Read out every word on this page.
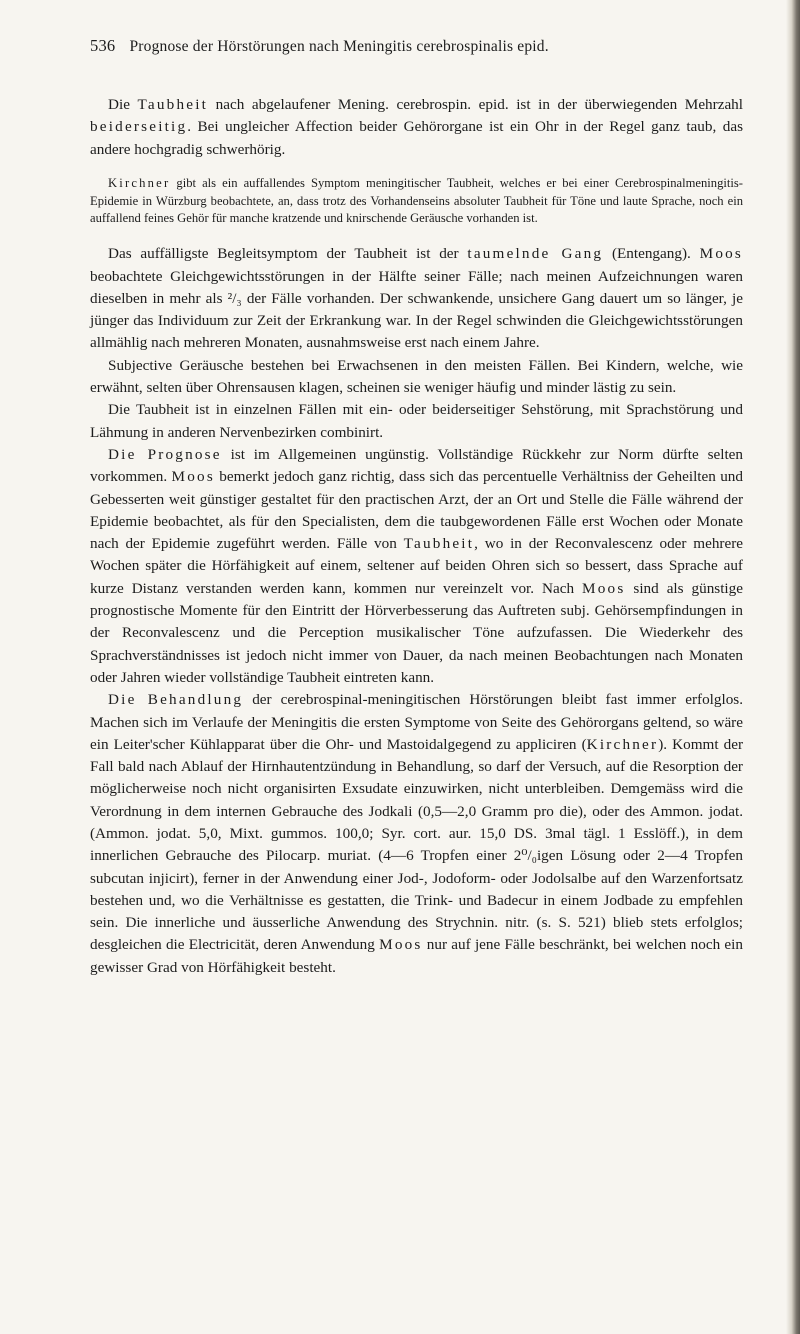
536 Prognose der Hörstörungen nach Meningitis cerebrospinalis epid.

Die Taubheit nach abgelaufener Mening. cerebrospin. epid. ist in der überwiegenden Mehrzahl beiderseitig. Bei ungleicher Affection beider Gehörorgane ist ein Ohr in der Regel ganz taub, das andere hochgradig schwerhörig.

Kirchner gibt als ein auffallendes Symptom meningitischer Taubheit, welches er bei einer Cerebrospinalmeningitis-Epidemie in Würzburg beobachtete, an, dass trotz des Vorhandenseins absoluter Taubheit für Töne und laute Sprache, noch ein auffallend feines Gehör für manche kratzende und knirschende Geräusche vorhanden ist.

Das auffälligste Begleitsymptom der Taubheit ist der taumelnde Gang (Entengang). Moos beobachtete Gleichgewichtsstörungen in der Hälfte seiner Fälle; nach meinen Aufzeichnungen waren dieselben in mehr als ²/₃ der Fälle vorhanden. Der schwankende, unsichere Gang dauert um so länger, je jünger das Individuum zur Zeit der Erkrankung war. In der Regel schwinden die Gleichgewichtsstörungen allmählig nach mehreren Monaten, ausnahmsweise erst nach einem Jahre.

Subjective Geräusche bestehen bei Erwachsenen in den meisten Fällen. Bei Kindern, welche, wie erwähnt, selten über Ohrensausen klagen, scheinen sie weniger häufig und minder lästig zu sein.

Die Taubheit ist in einzelnen Fällen mit ein- oder beiderseitiger Sehstörung, mit Sprachstörung und Lähmung in anderen Nervenbezirken combinirt.

Die Prognose ist im Allgemeinen ungünstig. Vollständige Rückkehr zur Norm dürfte selten vorkommen. Moos bemerkt jedoch ganz richtig, dass sich das percentuelle Verhältniss der Geheilten und Gebesserten weit günstiger gestaltet für den practischen Arzt, der an Ort und Stelle die Fälle während der Epidemie beobachtet, als für den Specialisten, dem die taubgewordenen Fälle erst Wochen oder Monate nach der Epidemie zugeführt werden. Fälle von Taubheit, wo in der Reconvalescenz oder mehrere Wochen später die Hörfähigkeit auf einem, seltener auf beiden Ohren sich so bessert, dass Sprache auf kurze Distanz verstanden werden kann, kommen nur vereinzelt vor. Nach Moos sind als günstige prognostische Momente für den Eintritt der Hörverbesserung das Auftreten subj. Gehörsempfindungen in der Reconvalescenz und die Perception musikalischer Töne aufzufassen. Die Wiederkehr des Sprachverständnisses ist jedoch nicht immer von Dauer, da nach meinen Beobachtungen nach Monaten oder Jahren wieder vollständige Taubheit eintreten kann.

Die Behandlung der cerebrospinal-meningitischen Hörstörungen bleibt fast immer erfolglos. Machen sich im Verlaufe der Meningitis die ersten Symptome von Seite des Gehörorgans geltend, so wäre ein Leiter'scher Kühlapparat über die Ohr- und Mastoidalgegend zu appliciren (Kirchner). Kommt der Fall bald nach Ablauf der Hirnhautentzündung in Behandlung, so darf der Versuch, auf die Resorption der möglicherweise noch nicht organisirten Exsudate einzuwirken, nicht unterbleiben. Demgemäss wird die Verordnung in dem internen Gebrauche des Jodkali (0,5—2,0 Gramm pro die), oder des Ammon. jodat. (Ammon. jodat. 5,0, Mixt. gummos. 100,0; Syr. cort. aur. 15,0 DS. 3mal tägl. 1 Esslöff.), in dem innerlichen Gebrauche des Pilocarp. muriat. (4—6 Tropfen einer 2⁰/₀igen Lösung oder 2—4 Tropfen subcutan injicirt), ferner in der Anwendung einer Jod-, Jodoform- oder Jodolsalbe auf den Warzenfortsatz bestehen und, wo die Verhältnisse es gestatten, die Trink- und Badecur in einem Jodbade zu empfehlen sein. Die innerliche und äusserliche Anwendung des Strychnin. nitr. (s. S. 521) blieb stets erfolglos; desgleichen die Electricität, deren Anwendung Moos nur auf jene Fälle beschränkt, bei welchen noch ein gewisser Grad von Hörfähigkeit besteht.
